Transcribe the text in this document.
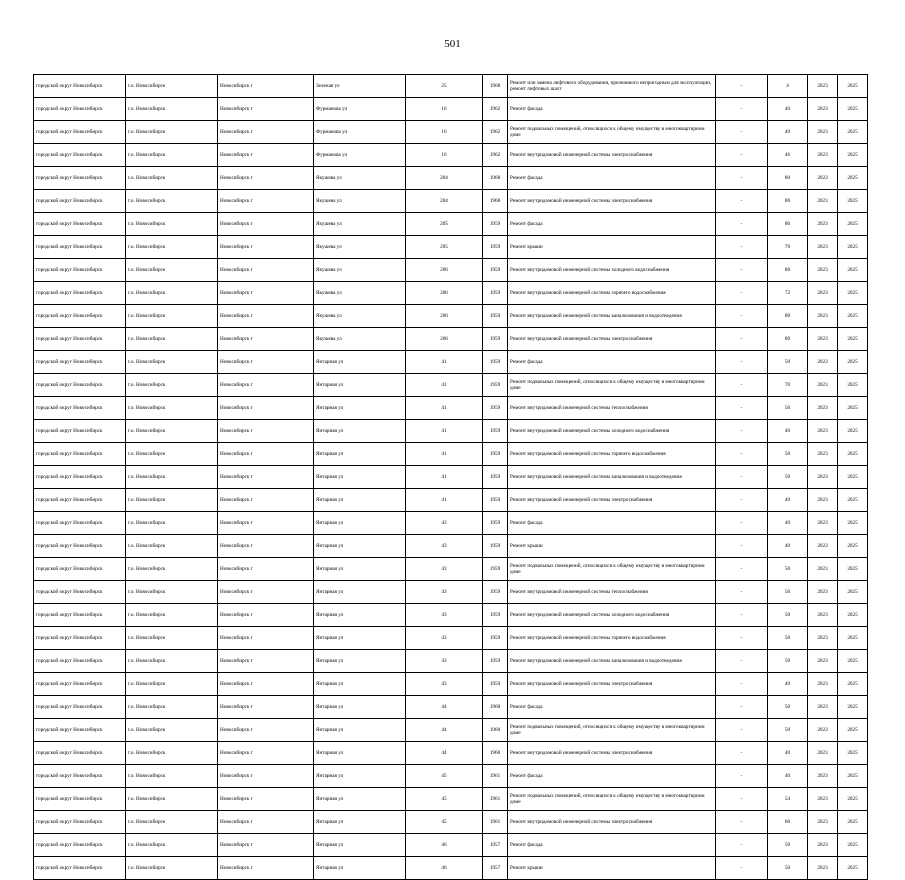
501
городской округ Новосибирск	г.о. Новосибирск	Новосибирск г	Зеленая ул	25	1968	Ремонт или замена лифтового оборудования, признанного непригодным для эксплуатации, ремонт лифтовых шахт	-	4	2023	2025
городской округ Новосибирск	г.о. Новосибирск	Новосибирск г	Фурманова ул	16	1962	Ремонт фасада	-	40	2023	2025
городской округ Новосибирск	г.о. Новосибирск	Новосибирск г	Фурманова ул	16	1962	Ремонт подвальных помещений, относящихся к общему имуществу в многоквартирном доме	-	40	2023	2025
городской округ Новосибирск	г.о. Новосибирск	Новосибирск г	Фурманова ул	16	1962	Ремонт внутридомовой инженерной системы электроснабжения	-	46	2023	2025
городской округ Новосибирск	г.о. Новосибирск	Новосибирск г	Якушева ул	204	1968	Ремонт фасада	-	80	2023	2025
городской округ Новосибирск	г.о. Новосибирск	Новосибирск г	Якушева ул	204	1968	Ремонт внутридомовой инженерной системы электроснабжения	-	80	2023	2025
городской округ Новосибирск	г.о. Новосибирск	Новосибирск г	Якушева ул	205	1959	Ремонт фасада	-	80	2023	2025
городской округ Новосибирск	г.о. Новосибирск	Новосибирск г	Якушева ул	205	1959	Ремонт крыши	-	70	2023	2025
городской округ Новосибирск	г.о. Новосибирск	Новосибирск г	Якушева ул	206	1959	Ремонт внутридомовой инженерной системы холодного водоснабжения	-	80	2023	2025
городской округ Новосибирск	г.о. Новосибирск	Новосибирск г	Якушева ул	206	1959	Ремонт внутридомовой инженерной системы горячего водоснабжения	-	72	2023	2025
городской округ Новосибирск	г.о. Новосибирск	Новосибирск г	Якушева ул	206	1959	Ремонт внутридомовой инженерной системы канализования и водоотведения	-	80	2023	2025
городской округ Новосибирск	г.о. Новосибирск	Новосибирск г	Якушева ул	206	1959	Ремонт внутридомовой инженерной системы электроснабжения	-	80	2023	2025
городской округ Новосибирск	г.о. Новосибирск	Новосибирск г	Янтарная ул	41	1959	Ремонт фасада	-	50	2023	2025
городской округ Новосибирск	г.о. Новосибирск	Новосибирск г	Янтарная ул	41	1959	Ремонт подвальных помещений, относящихся к общему имуществу в многоквартирном доме	-	70	2023	2025
городской округ Новосибирск	г.о. Новосибирск	Новосибирск г	Янтарная ул	41	1959	Ремонт внутридомовой инженерной системы теплоснабжения	-	50	2023	2025
городской округ Новосибирск	г.о. Новосибирск	Новосибирск г	Янтарная ул	41	1959	Ремонт внутридомовой инженерной системы холодного водоснабжения	-	40	2023	2025
городской округ Новосибирск	г.о. Новосибирск	Новосибирск г	Янтарная ул	41	1959	Ремонт внутридомовой инженерной системы горячего водоснабжения	-	50	2023	2025
городской округ Новосибирск	г.о. Новосибирск	Новосибирск г	Янтарная ул	41	1959	Ремонт внутридомовой инженерной системы канализования и водоотведения	-	50	2023	2025
городской округ Новосибирск	г.о. Новосибирск	Новосибирск г	Янтарная ул	41	1959	Ремонт внутридомовой инженерной системы электроснабжения	-	40	2023	2025
городской округ Новосибирск	г.о. Новосибирск	Новосибирск г	Янтарная ул	43	1959	Ремонт фасада	-	40	2023	2025
городской округ Новосибирск	г.о. Новосибирск	Новосибирск г	Янтарная ул	43	1959	Ремонт крыши	-	40	2023	2025
городской округ Новосибирск	г.о. Новосибирск	Новосибирск г	Янтарная ул	43	1959	Ремонт подвальных помещений, относящихся к общему имуществу в многоквартирном доме	-	50	2023	2025
городской округ Новосибирск	г.о. Новосибирск	Новосибирск г	Янтарная ул	43	1959	Ремонт внутридомовой инженерной системы теплоснабжения	-	50	2023	2025
городской округ Новосибирск	г.о. Новосибирск	Новосибирск г	Янтарная ул	43	1959	Ремонт внутридомовой инженерной системы холодного водоснабжения	-	50	2023	2025
городской округ Новосибирск	г.о. Новосибирск	Новосибирск г	Янтарная ул	43	1959	Ремонт внутридомовой инженерной системы горячего водоснабжения	-	50	2023	2025
городской округ Новосибирск	г.о. Новосибирск	Новосибирск г	Янтарная ул	43	1959	Ремонт внутридомовой инженерной системы канализования и водоотведения	-	50	2023	2025
городской округ Новосибирск	г.о. Новосибирск	Новосибирск г	Янтарная ул	43	1959	Ремонт внутридомовой инженерной системы электроснабжения	-	40	2023	2025
городской округ Новосибирск	г.о. Новосибирск	Новосибирск г	Янтарная ул	44	1960	Ремонт фасада	-	50	2023	2025
городской округ Новосибирск	г.о. Новосибирск	Новосибирск г	Янтарная ул	44	1960	Ремонт подвальных помещений, относящихся к общему имуществу в многоквартирном доме	-	50	2023	2025
городской округ Новосибирск	г.о. Новосибирск	Новосибирск г	Янтарная ул	44	1960	Ремонт внутридомовой инженерной системы электроснабжения	-	40	2023	2025
городской округ Новосибирск	г.о. Новосибирск	Новосибирск г	Янтарная ул	45	1961	Ремонт фасада	-	40	2023	2025
городской округ Новосибирск	г.о. Новосибирск	Новосибирск г	Янтарная ул	45	1961	Ремонт подвальных помещений, относящихся к общему имуществу в многоквартирном доме	-	54	2023	2025
городской округ Новосибирск	г.о. Новосибирск	Новосибирск г	Янтарная ул	45	1961	Ремонт внутридомовой инженерной системы электроснабжения	-	60	2023	2025
городской округ Новосибирск	г.о. Новосибирск	Новосибирск г	Янтарная ул	46	1957	Ремонт фасада	-	50	2023	2025
городской округ Новосибирск	г.о. Новосибирск	Новосибирск г	Янтарная ул	46	1957	Ремонт крыши	-	50	2023	2025
